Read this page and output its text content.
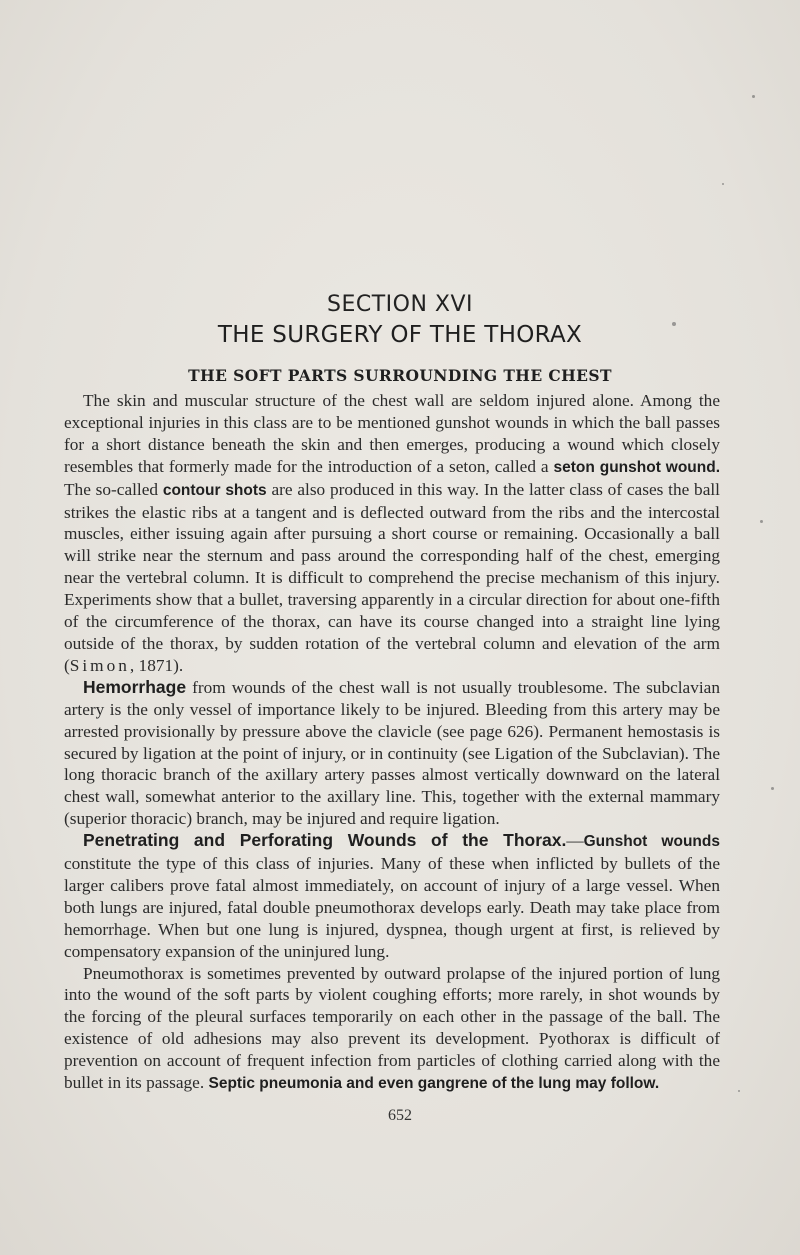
SECTION XVI
THE SURGERY OF THE THORAX
THE SOFT PARTS SURROUNDING THE CHEST

The skin and muscular structure of the chest wall are seldom injured alone. Among the exceptional injuries in this class are to be mentioned gunshot wounds in which the ball passes for a short distance beneath the skin and then emerges, producing a wound which closely resembles that formerly made for the introduction of a seton, called a seton gunshot wound. The so-called contour shots are also produced in this way. In the latter class of cases the ball strikes the elastic ribs at a tangent and is deflected outward from the ribs and the intercostal muscles, either issuing again after pursuing a short course or remaining. Occasionally a ball will strike near the sternum and pass around the corresponding half of the chest, emerging near the vertebral column. It is difficult to comprehend the precise mechanism of this injury. Experiments show that a bullet, traversing apparently in a circular direction for about one-fifth of the circumference of the thorax, can have its course changed into a straight line lying outside of the thorax, by sudden rotation of the vertebral column and elevation of the arm (Simon, 1871).

Hemorrhage from wounds of the chest wall is not usually troublesome. The subclavian artery is the only vessel of importance likely to be injured. Bleeding from this artery may be arrested provisionally by pressure above the clavicle (see page 626). Permanent hemostasis is secured by ligation at the point of injury, or in continuity (see Ligation of the Subclavian). The long thoracic branch of the axillary artery passes almost vertically downward on the lateral chest wall, somewhat anterior to the axillary line. This, together with the external mammary (superior thoracic) branch, may be injured and require ligation.

Penetrating and Perforating Wounds of the Thorax.—Gunshot wounds constitute the type of this class of injuries. Many of these when inflicted by bullets of the larger calibers prove fatal almost immediately, on account of injury of a large vessel. When both lungs are injured, fatal double pneumothorax develops early. Death may take place from hemorrhage. When but one lung is injured, dyspnea, though urgent at first, is relieved by compensatory expansion of the uninjured lung.

Pneumothorax is sometimes prevented by outward prolapse of the injured portion of lung into the wound of the soft parts by violent coughing efforts; more rarely, in shot wounds by the forcing of the pleural surfaces temporarily on each other in the passage of the ball. The existence of old adhesions may also prevent its development. Pyothorax is difficult of prevention on account of frequent infection from particles of clothing carried along with the bullet in its passage. Septic pneumonia and even gangrene of the lung may follow.

652
